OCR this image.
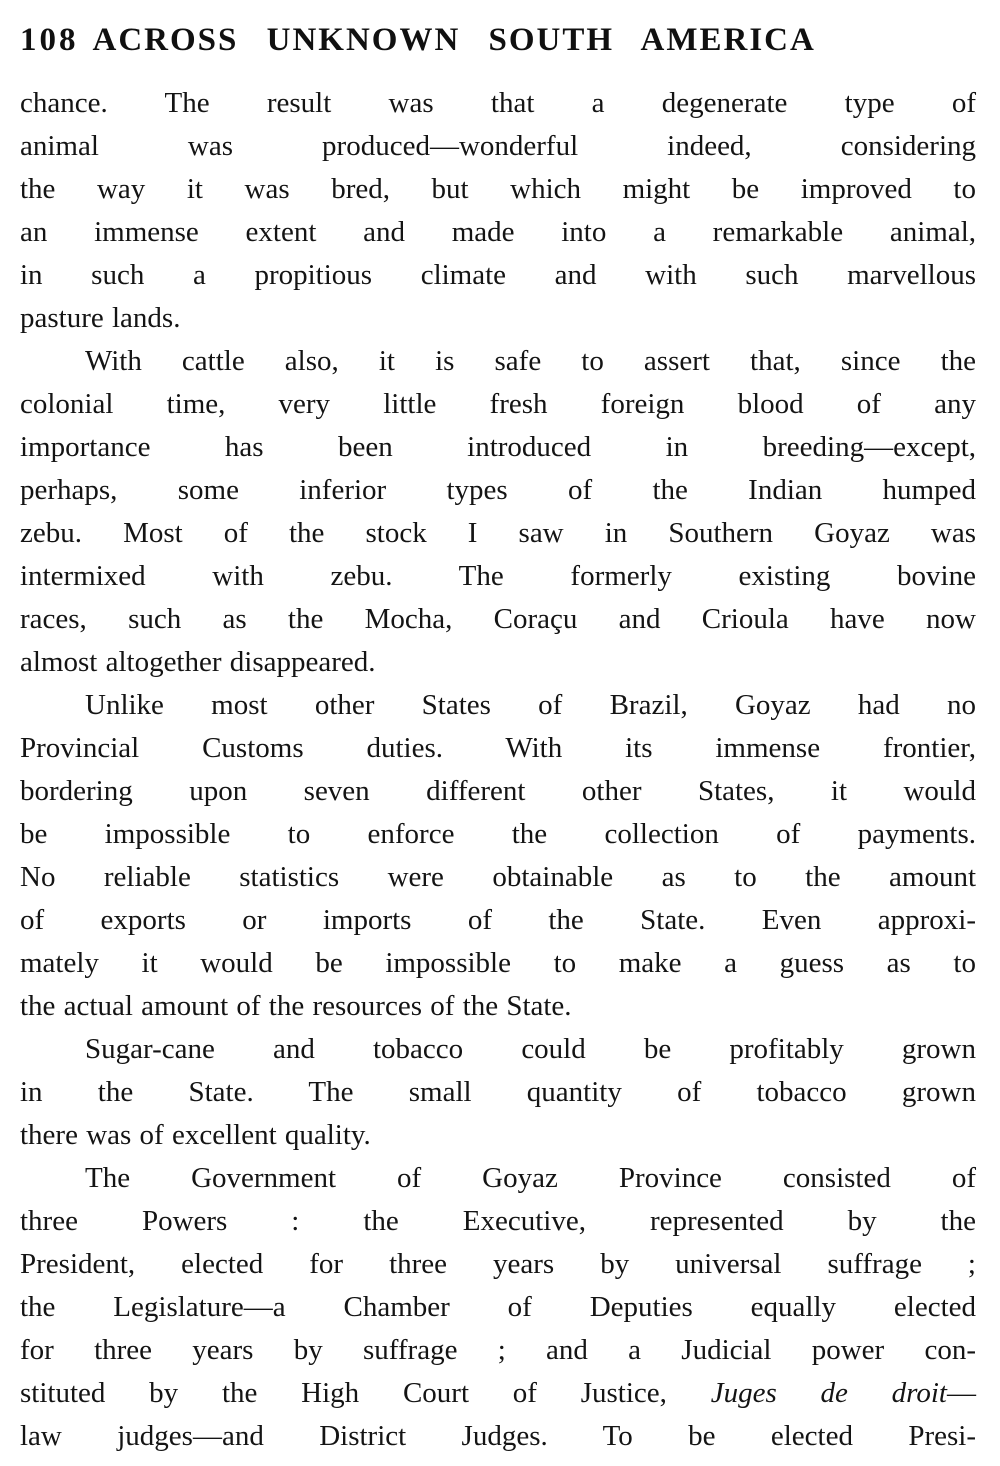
108 ACROSS UNKNOWN SOUTH AMERICA
chance. The result was that a degenerate type of
animal was produced—wonderful indeed, considering
the way it was bred, but which might be improved to
an immense extent and made into a remarkable animal,
in such a propitious climate and with such marvellous
pasture lands.
With cattle also, it is safe to assert that, since the
colonial time, very little fresh foreign blood of any
importance has been introduced in breeding—except,
perhaps, some inferior types of the Indian humped
zebu. Most of the stock I saw in Southern Goyaz was
intermixed with zebu. The formerly existing bovine
races, such as the Mocha, Coraçu and Crioula have now
almost altogether disappeared.
Unlike most other States of Brazil, Goyaz had no
Provincial Customs duties. With its immense frontier,
bordering upon seven different other States, it would
be impossible to enforce the collection of payments.
No reliable statistics were obtainable as to the amount
of exports or imports of the State. Even approxi-
mately it would be impossible to make a guess as to
the actual amount of the resources of the State.
Sugar-cane and tobacco could be profitably grown
in the State. The small quantity of tobacco grown
there was of excellent quality.
The Government of Goyaz Province consisted of
three Powers : the Executive, represented by the
President, elected for three years by universal suffrage ;
the Legislature—a Chamber of Deputies equally elected
for three years by suffrage ; and a Judicial power con-
stituted by the High Court of Justice, Juges de droit—
law judges—and District Judges. To be elected Presi-
